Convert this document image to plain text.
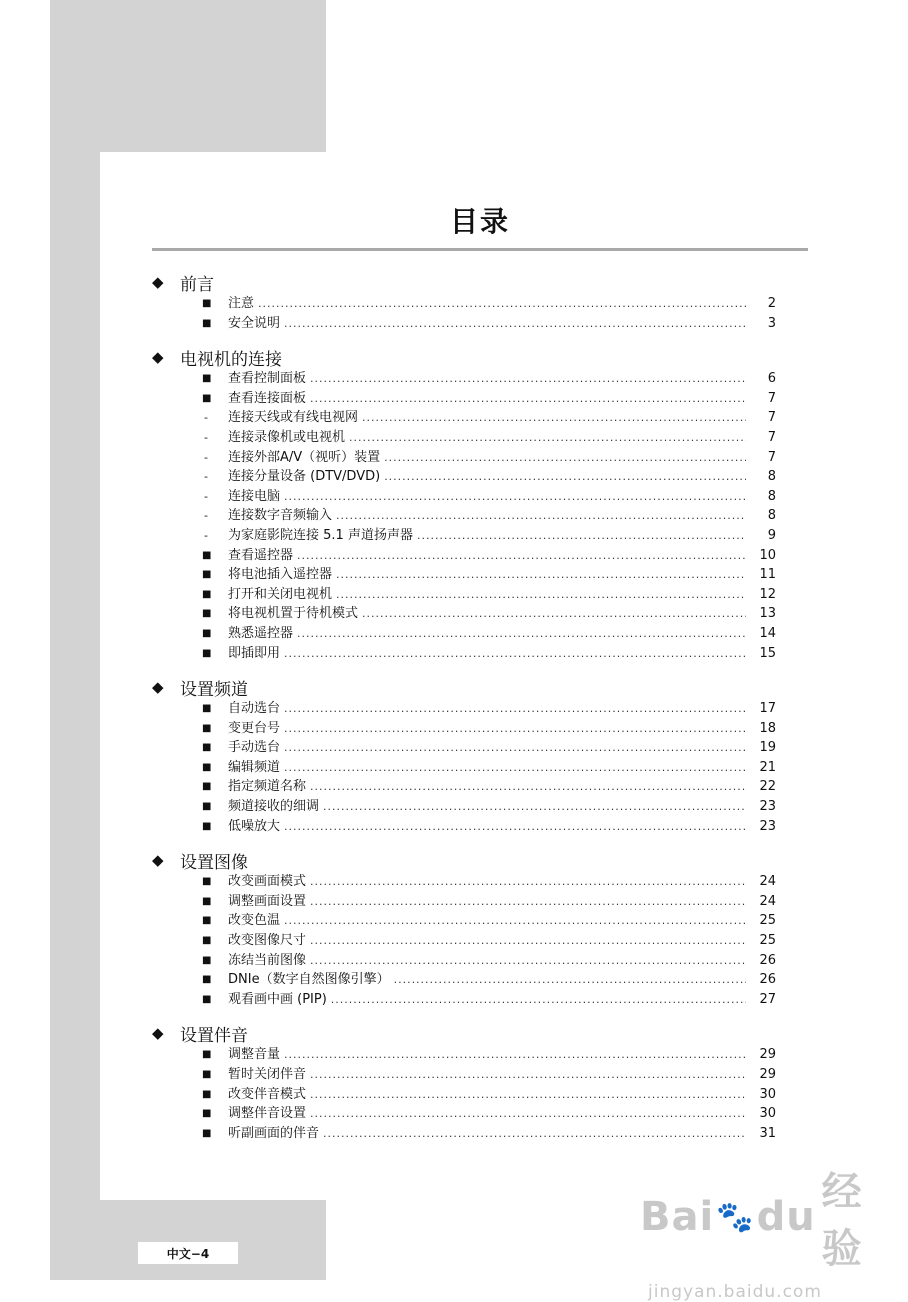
目录
◆ 前言
■	注意 .....	2
■	安全说明 .....	3
◆ 电视机的连接
■	查看控制面板 .....	6
■	查看连接面板 .....	7
-	连接天线或有线电视网 .....	7
-	连接录像机或电视机 .....	7
-	连接外部A/V（视听）装置 .....	7
-	连接分量设备 (DTV/DVD) .....	8
-	连接电脑 .....	8
-	连接数字音频输入 .....	8
-	为家庭影院连接 5.1 声道扬声器 .....	9
■	查看遥控器 .....	10
■	将电池插入遥控器 .....	11
■	打开和关闭电视机 .....	12
■	将电视机置于待机模式 .....	13
■	熟悉遥控器 .....	14
■	即插即用 .....	15
◆ 设置频道
■	自动选台 .....	17
■	变更台号 .....	18
■	手动选台 .....	19
■	编辑频道 .....	21
■	指定频道名称 .....	22
■	频道接收的细调 .....	23
■	低噪放大 .....	23
◆ 设置图像
■	改变画面模式 .....	24
■	调整画面设置 .....	24
■	改变色温 .....	25
■	改变图像尺寸 .....	25
■	冻结当前图像 .....	26
■	DNIe（数字自然图像引擎） .....	26
■	观看画中画 (PIP) .....	27
◆ 设置伴音
■	调整音量 .....	29
■	暂时关闭伴音 .....	29
■	改变伴音模式 .....	30
■	调整伴音设置 .....	30
■	听副画面的伴音 .....	31
中文−4
Bai 🐾 du
经验
jingyan.baidu.com
